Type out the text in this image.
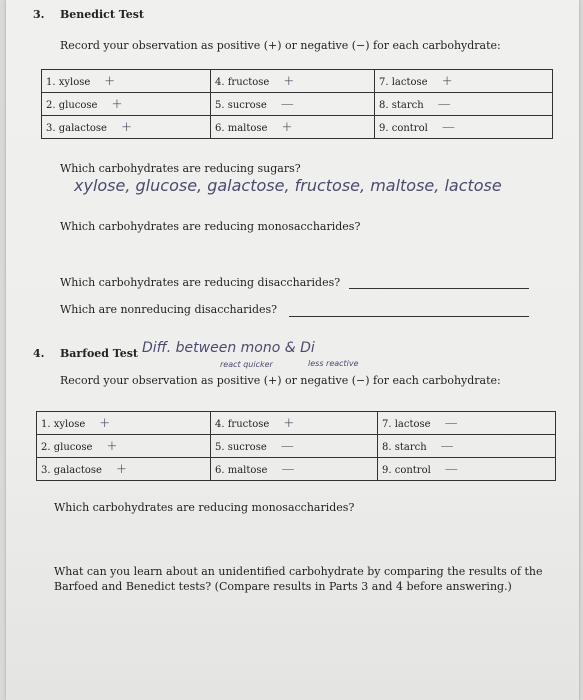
3. Benedict Test
Record your observation as positive (+) or negative (−) for each carbohydrate:
1. xylose +	4. fructose +	7. lactose +
2. glucose +	5. sucrose —	8. starch —
3. galactose +	6. maltose +	9. control —
Which carbohydrates are reducing sugars?
xylose, glucose, galactose, fructose, maltose, lactose
Which carbohydrates are reducing monosaccharides?
Which carbohydrates are reducing disaccharides?
Which are nonreducing disaccharides?
4. Barfoed Test Diff. between mono & Di
react quicker	less reactive
Record your observation as positive (+) or negative (−) for each carbohydrate:
1. xylose +	4. fructose +	7. lactose —
2. glucose +	5. sucrose —	8. starch —
3. galactose +	6. maltose —	9. control —
Which carbohydrates are reducing monosaccharides?
What can you learn about an unidentified carbohydrate by comparing the results of the
Barfoed and Benedict tests? (Compare results in Parts 3 and 4 before answering.)
